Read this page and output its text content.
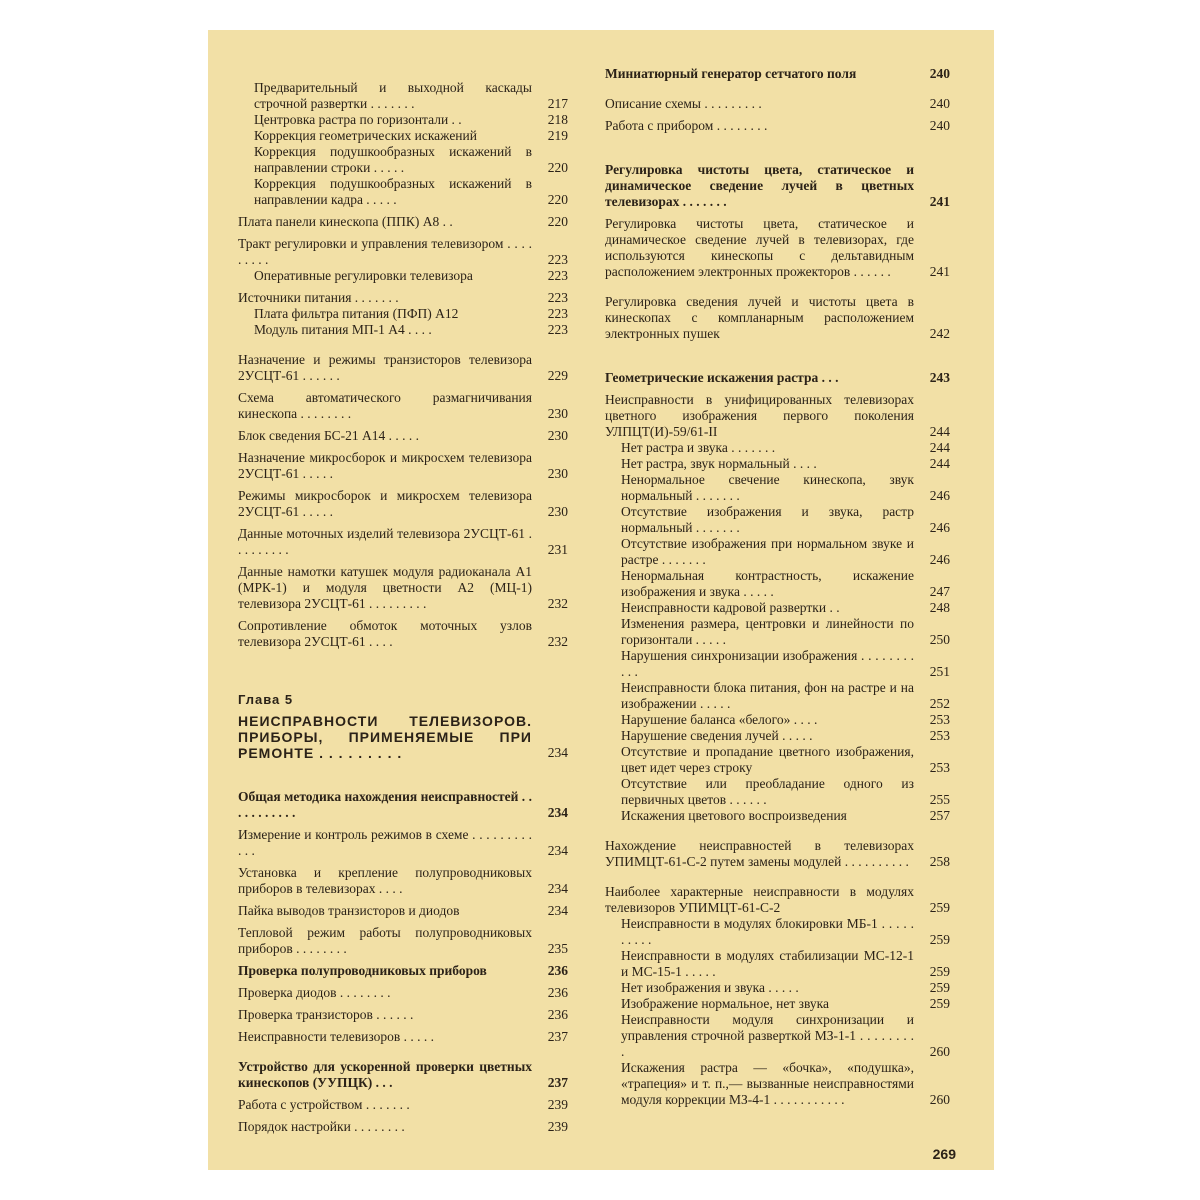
Предварительный и выходной каскады строчной развертки . . . . . . .	217
Центровка растра по горизонтали . .	218
Коррекция геометрических искажений	219
Коррекция подушкообразных искажений в направлении строки . . . . .	220
Коррекция подушкообразных искажений в направлении кадра . . . . .	220
Плата панели кинескопа (ППК) А8 . .	220
Тракт регулировки и управления телевизором . . . . . . . . .	223
Оперативные регулировки телевизора	223
Источники питания . . . . . . .	223
Плата фильтра питания (ПФП) А12	223
Модуль питания МП-1 А4 . . . .	223
Назначение и режимы транзисторов телевизора 2УСЦТ-61 . . . . . .	229
Схема автоматического размагничивания кинескопа . . . . . . . .	230
Блок сведения БС-21 А14 . . . . .	230
Назначение микросборок и микросхем телевизора 2УСЦТ-61 . . . . .	230
Режимы микросборок и микросхем телевизора 2УСЦТ-61 . . . . .	230
Данные моточных изделий телевизора 2УСЦТ-61 . . . . . . . . .	231
Данные намотки катушек модуля радиоканала А1 (МРК-1) и модуля цветности А2 (МЦ-1) телевизора 2УСЦТ-61 . . . . . . . . .	232
Сопротивление обмоток моточных узлов телевизора 2УСЦТ-61 . . . .	232
Глава 5
НЕИСПРАВНОСТИ ТЕЛЕВИЗОРОВ. ПРИБОРЫ, ПРИМЕНЯЕМЫЕ ПРИ РЕМОНТЕ . . . . . . . . .	234
Общая методика нахождения неисправностей . . . . . . . . . . .	234
Измерение и контроль режимов в схеме . . . . . . . . . . . .	234
Установка и крепление полупроводниковых приборов в телевизорах . . . .	234
Пайка выводов транзисторов и диодов	234
Тепловой режим работы полупроводниковых приборов . . . . . . . .	235
Проверка полупроводниковых приборов	236
Проверка диодов . . . . . . . .	236
Проверка транзисторов . . . . . .	236
Неисправности телевизоров . . . . .	237
Устройство для ускоренной проверки цветных кинескопов (УУПЦК) . . .	237
Работа с устройством . . . . . . .	239
Порядок настройки . . . . . . . .	239
Миниатюрный генератор сетчатого поля	240
Описание схемы . . . . . . . . .	240
Работа с прибором . . . . . . . .	240
Регулировка чистоты цвета, статическое и динамическое сведение лучей в цветных телевизорах . . . . . . .	241
Регулировка чистоты цвета, статическое и динамическое сведение лучей в телевизорах, где используются кинескопы с дельтавидным расположением электронных прожекторов . . . . . .	241
Регулировка сведения лучей и чистоты цвета в кинескопах с компланарным расположением электронных пушек	242
Геометрические искажения растра . . .	243
Неисправности в унифицированных телевизорах цветного изображения первого поколения УЛПЦТ(И)-59/61-II	244
Нет растра и звука . . . . . . .	244
Нет растра, звук нормальный . . . .	244
Ненормальное свечение кинескопа, звук нормальный . . . . . . .	246
Отсутствие изображения и звука, растр нормальный . . . . . . .	246
Отсутствие изображения при нормальном звуке и растре . . . . . . .	246
Ненормальная контрастность, искажение изображения и звука . . . . .	247
Неисправности кадровой развертки . .	248
Изменения размера, центровки и линейности по горизонтали . . . . .	250
Нарушения синхронизации изображения . . . . . . . . . . .	251
Неисправности блока питания, фон на растре и на изображении . . . . .	252
Нарушение баланса «белого» . . . .	253
Нарушение сведения лучей . . . . .	253
Отсутствие и пропадание цветного изображения, цвет идет через строку	253
Отсутствие или преобладание одного из первичных цветов . . . . . .	255
Искажения цветового воспроизведения	257
Нахождение неисправностей в телевизорах УПИМЦТ-61-С-2 путем замены модулей . . . . . . . . . .	258
Наиболее характерные неисправности в модулях телевизоров УПИМЦТ-61-С-2	259
Неисправности в модулях блокировки МБ-1 . . . . . . . . . .	259
Неисправности в модулях стабилизации МС-12-1 и МС-15-1 . . . . .	259
Нет изображения и звука . . . . .	259
Изображение нормальное, нет звука	259
Неисправности модуля синхронизации и управления строчной разверткой МЗ-1-1 . . . . . . . . .	260
Искажения растра — «бочка», «подушка», «трапеция» и т. п.,— вызванные неисправностями модуля коррекции МЗ-4-1 . . . . . . . . . . .	260
269
